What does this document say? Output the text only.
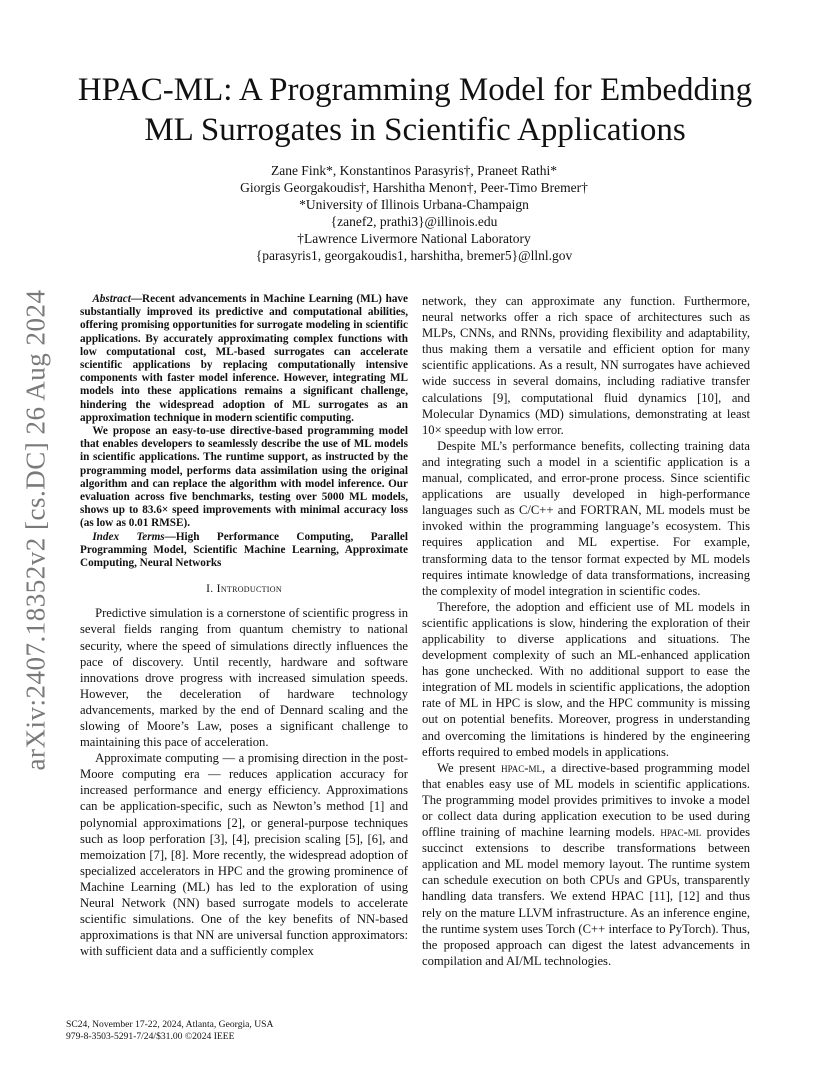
arXiv:2407.18352v2 [cs.DC] 26 Aug 2024
HPAC-ML: A Programming Model for Embedding
ML Surrogates in Scientific Applications
Zane Fink*, Konstantinos Parasyris†, Praneet Rathi*
Giorgis Georgakoudis†, Harshitha Menon†, Peer-Timo Bremer†
*University of Illinois Urbana-Champaign
{zanef2, prathi3}@illinois.edu
†Lawrence Livermore National Laboratory
{parasyris1, georgakoudis1, harshitha, bremer5}@llnl.gov

Abstract—Recent advancements in Machine Learning (ML) have substantially improved its predictive and computational abilities, offering promising opportunities for surrogate modeling in scientific applications. By accurately approximating complex functions with low computational cost, ML-based surrogates can accelerate scientific applications by replacing computationally intensive components with faster model inference. However, integrating ML models into these applications remains a significant challenge, hindering the widespread adoption of ML surrogates as an approximation technique in modern scientific computing.

We propose an easy-to-use directive-based programming model that enables developers to seamlessly describe the use of ML models in scientific applications. The runtime support, as instructed by the programming model, performs data assimilation using the original algorithm and can replace the algorithm with model inference. Our evaluation across five benchmarks, testing over 5000 ML models, shows up to 83.6× speed improvements with minimal accuracy loss (as low as 0.01 RMSE).

Index Terms—High Performance Computing, Parallel Programming Model, Scientific Machine Learning, Approximate Computing, Neural Networks

I. Introduction

Predictive simulation is a cornerstone of scientific progress in several fields ranging from quantum chemistry to national security, where the speed of simulations directly influences the pace of discovery. Until recently, hardware and software innovations drove progress with increased simulation speeds. However, the deceleration of hardware technology advancements, marked by the end of Dennard scaling and the slowing of Moore’s Law, poses a significant challenge to maintaining this pace of acceleration.

Approximate computing — a promising direction in the post-Moore computing era — reduces application accuracy for increased performance and energy efficiency. Approximations can be application-specific, such as Newton’s method [1] and polynomial approximations [2], or general-purpose techniques such as loop perforation [3], [4], precision scaling [5], [6], and memoization [7], [8]. More recently, the widespread adoption of specialized accelerators in HPC and the growing prominence of Machine Learning (ML) has led to the exploration of using Neural Network (NN) based surrogate models to accelerate scientific simulations. One of the key benefits of NN-based approximations is that NN are universal function approximators: with sufficient data and a sufficiently complex

network, they can approximate any function. Furthermore, neural networks offer a rich space of architectures such as MLPs, CNNs, and RNNs, providing flexibility and adaptability, thus making them a versatile and efficient option for many scientific applications. As a result, NN surrogates have achieved wide success in several domains, including radiative transfer calculations [9], computational fluid dynamics [10], and Molecular Dynamics (MD) simulations, demonstrating at least 10× speedup with low error.

Despite ML’s performance benefits, collecting training data and integrating such a model in a scientific application is a manual, complicated, and error-prone process. Since scientific applications are usually developed in high-performance languages such as C/C++ and FORTRAN, ML models must be invoked within the programming language’s ecosystem. This requires application and ML expertise. For example, transforming data to the tensor format expected by ML models requires intimate knowledge of data transformations, increasing the complexity of model integration in scientific codes.

Therefore, the adoption and efficient use of ML models in scientific applications is slow, hindering the exploration of their applicability to diverse applications and situations. The development complexity of such an ML-enhanced application has gone unchecked. With no additional support to ease the integration of ML models in scientific applications, the adoption rate of ML in HPC is slow, and the HPC community is missing out on potential benefits. Moreover, progress in understanding and overcoming the limitations is hindered by the engineering efforts required to embed models in applications.

We present hpac-ml, a directive-based programming model that enables easy use of ML models in scientific applications. The programming model provides primitives to invoke a model or collect data during application execution to be used during offline training of machine learning models. hpac-ml provides succinct extensions to describe transformations between application and ML model memory layout. The runtime system can schedule execution on both CPUs and GPUs, transparently handling data transfers. We extend HPAC [11], [12] and thus rely on the mature LLVM infrastructure. As an inference engine, the runtime system uses Torch (C++ interface to PyTorch). Thus, the proposed approach can digest the latest advancements in compilation and AI/ML technologies.

SC24, November 17-22, 2024, Atlanta, Georgia, USA
979-8-3503-5291-7/24/$31.00 ©2024 IEEE
